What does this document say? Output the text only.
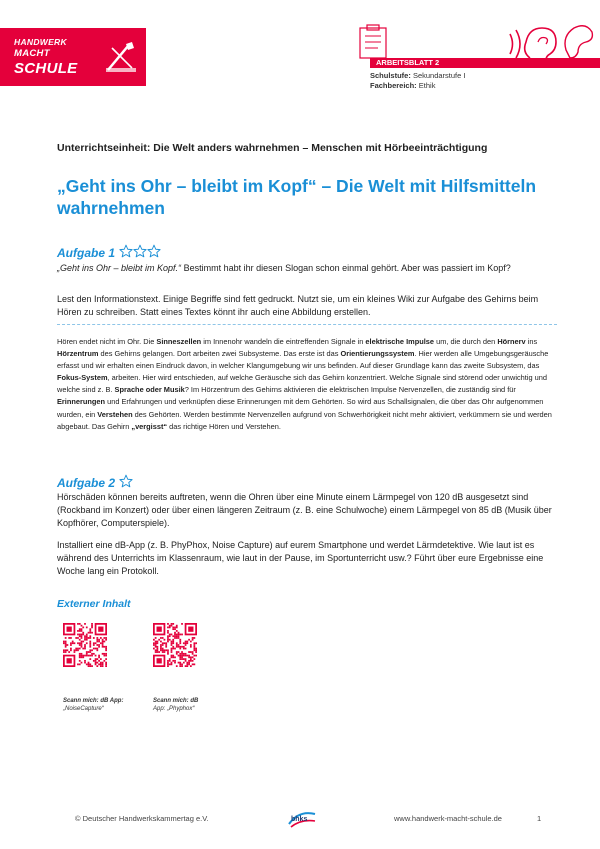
HANDWERK
MACHT
SCHULE	ARBEITSBLATT 2
Schulstufe: Sekundarstufe I
Fachbereich: Ethik
Unterrichtseinheit: Die Welt anders wahrnehmen – Menschen mit Hörbeeinträchtigung
„Geht ins Ohr – bleibt im Kopf“ – Die Welt mit Hilfsmitteln wahrnehmen
Aufgabe 1
„Geht ins Ohr – bleibt im Kopf.“ Bestimmt habt ihr diesen Slogan schon einmal gehört. Aber was passiert im Kopf?
Lest den Informationstext. Einige Begriffe sind fett gedruckt. Nutzt sie, um ein kleines Wiki zur Aufgabe des Gehirns beim Hören zu schreiben. Statt eines Textes könnt ihr auch eine Abbildung erstellen.
Hören endet nicht im Ohr. Die Sinneszellen im Innenohr wandeln die eintreffenden Signale in elektrische Impulse um, die durch den Hörnerv ins Hörzentrum des Gehirns gelangen. Dort arbeiten zwei Subsysteme. Das erste ist das Orientierungssystem. Hier werden alle Umgebungsgeräusche erfasst und wir erhalten einen Eindruck davon, in welcher Klangumgebung wir uns befinden. Auf dieser Grundlage kann das zweite Subsystem, das Fokus-System, arbeiten. Hier wird entschieden, auf welche Geräusche sich das Gehirn konzentriert. Welche Signale sind störend oder unwichtig und welche sind z. B. Sprache oder Musik? Im Hörzentrum des Gehirns aktivieren die elektrischen Impulse Nervenzellen, die zuständig sind für Erinnerungen und Erfahrungen und verknüpfen diese Erinnerungen mit dem Gehörten. So wird aus Schallsignalen, die über das Ohr aufgenommen wurden, ein Verstehen des Gehörten. Werden bestimmte Nervenzellen aufgrund von Schwerhörigkeit nicht mehr aktiviert, verkümmern sie und werden abgebaut. Das Gehirn „vergisst“ das richtige Hören und Verstehen.
Aufgabe 2
Hörschäden können bereits auftreten, wenn die Ohren über eine Minute einem Lärmpegel von 120 dB ausgesetzt sind (Rockband im Konzert) oder über einen längeren Zeitraum (z. B. eine Schulwoche) einem Lärmpegel von 85 dB (Musik über Kopfhörer, Computerspiele).
Installiert eine dB-App (z. B. PhyPhox, Noise Capture) auf eurem Smartphone und werdet Lärmdetektive. Wie laut ist es während des Unterrichts im Klassenraum, wie laut in der Pause, im Sportunterricht usw.? Führt über eure Ergebnisse eine Woche lang ein Protokoll.
Externer Inhalt
Scann mich: dB App:
„NoiseCapture“
Scann mich: dB
App: „Phyphox“
© Deutscher Handwerkskammertag e.V.	bhks	www.handwerk-macht-schule.de	1
